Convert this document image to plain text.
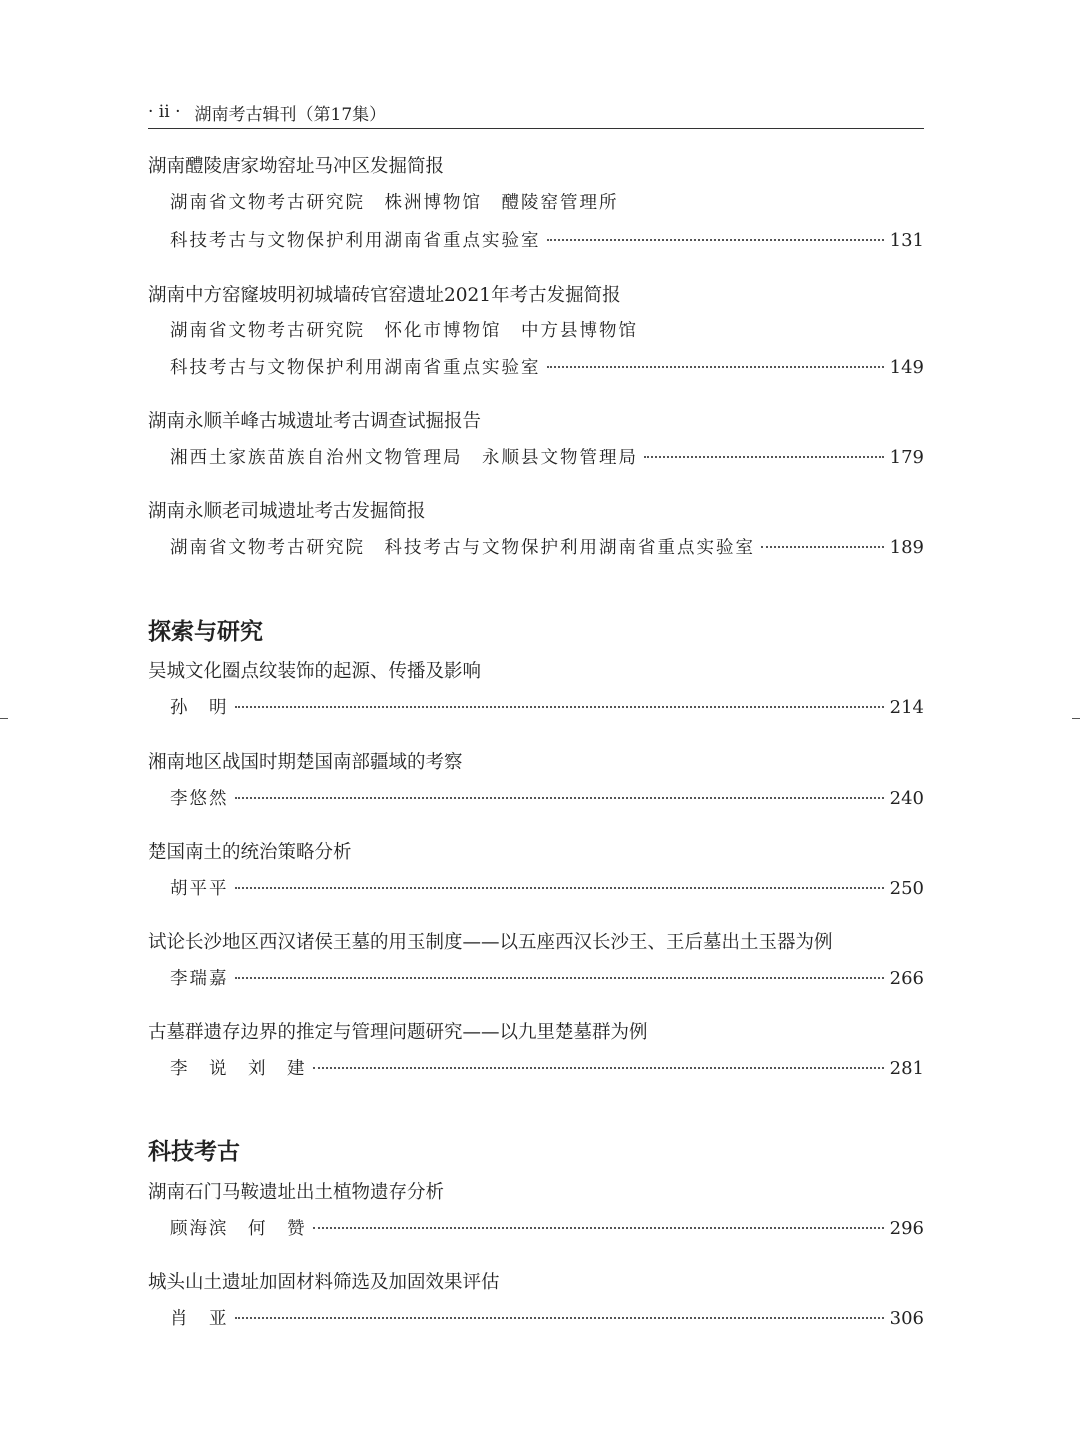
· ii · 湖南考古辑刊（第17集）
湖南醴陵唐家坳窑址马冲区发掘简报
湖南省文物考古研究院　株洲博物馆　醴陵窑管理所
科技考古与文物保护利用湖南省重点实验室	131
湖南中方窑窿坡明初城墙砖官窑遗址2021年考古发掘简报
湖南省文物考古研究院　怀化市博物馆　中方县博物馆
科技考古与文物保护利用湖南省重点实验室	149
湖南永顺羊峰古城遗址考古调查试掘报告
湘西土家族苗族自治州文物管理局　永顺县文物管理局	179
湖南永顺老司城遗址考古发掘简报
湖南省文物考古研究院　科技考古与文物保护利用湖南省重点实验室	189
探索与研究
吴城文化圈点纹装饰的起源、传播及影响
孙　明	214
湘南地区战国时期楚国南部疆域的考察
李悠然	240
楚国南土的统治策略分析
胡平平	250
试论长沙地区西汉诸侯王墓的用玉制度——以五座西汉长沙王、王后墓出土玉器为例
李瑞嘉	266
古墓群遗存边界的推定与管理问题研究——以九里楚墓群为例
李　说　刘　建	281
科技考古
湖南石门马鞍遗址出土植物遗存分析
顾海滨　何　赞	296
城头山土遗址加固材料筛选及加固效果评估
肖　亚	306
